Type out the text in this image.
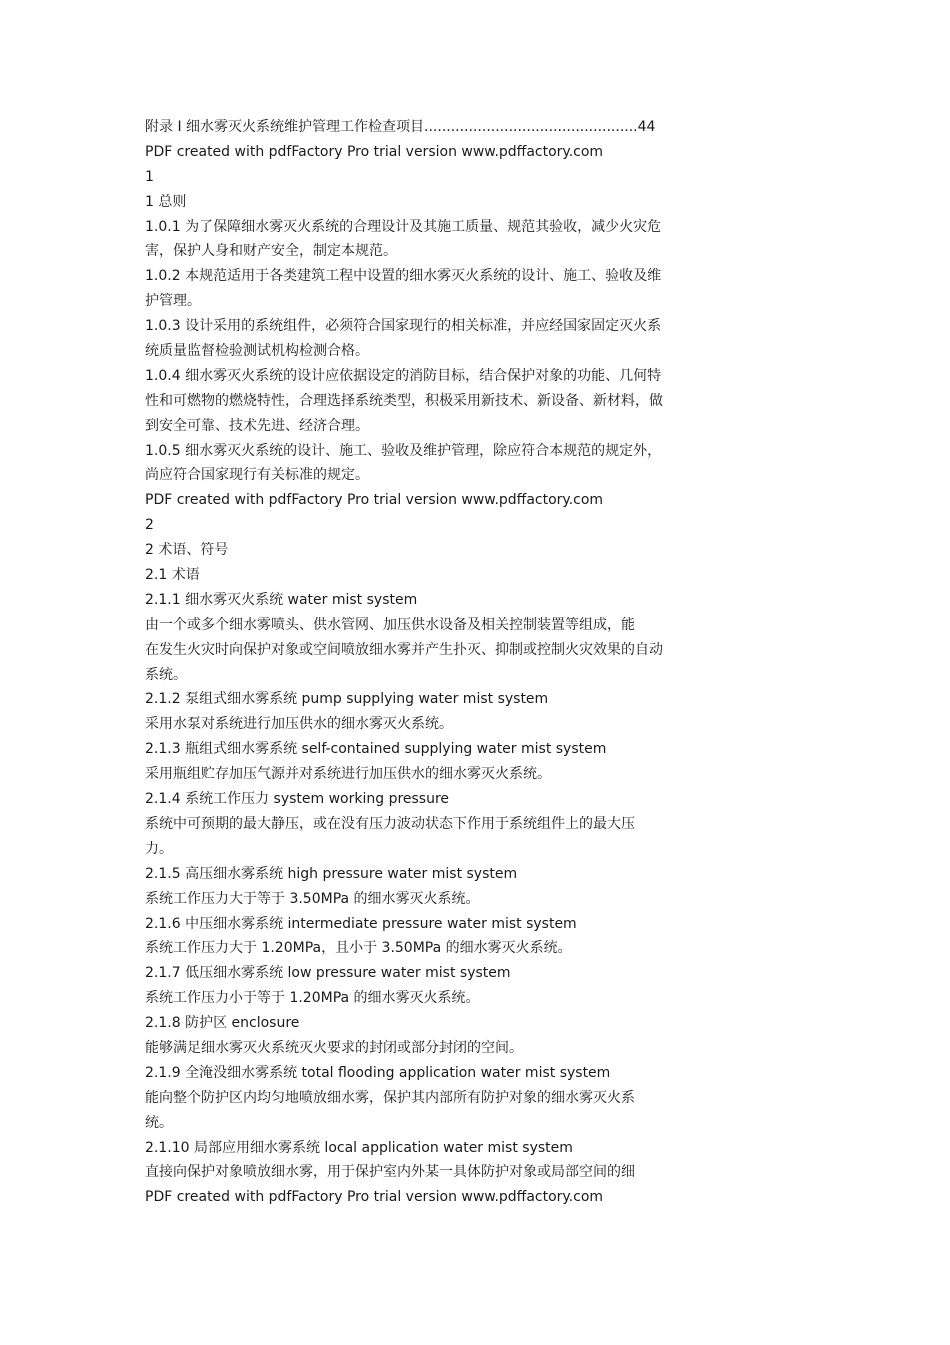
附录 Ⅰ 细水雾灭火系统维护管理工作检查项目................................................44
PDF created with pdfFactory Pro trial version www.pdffactory.com
1
1 总则
1.0.1 为了保障细水雾灭火系统的合理设计及其施工质量、规范其验收，减少火灾危
害，保护人身和财产安全，制定本规范。
1.0.2 本规范适用于各类建筑工程中设置的细水雾灭火系统的设计、施工、验收及维
护管理。
1.0.3 设计采用的系统组件，必须符合国家现行的相关标准，并应经国家固定灭火系
统质量监督检验测试机构检测合格。
1.0.4 细水雾灭火系统的设计应依据设定的消防目标，结合保护对象的功能、几何特
性和可燃物的燃烧特性，合理选择系统类型，积极采用新技术、新设备、新材料，做
到安全可靠、技术先进、经济合理。
1.0.5 细水雾灭火系统的设计、施工、验收及维护管理，除应符合本规范的规定外，
尚应符合国家现行有关标准的规定。
PDF created with pdfFactory Pro trial version www.pdffactory.com
2
2 术语、符号
2.1 术语
2.1.1 细水雾灭火系统 water mist system
由一个或多个细水雾喷头、供水管网、加压供水设备及相关控制装置等组成，能
在发生火灾时向保护对象或空间喷放细水雾并产生扑灭、抑制或控制火灾效果的自动
系统。
2.1.2 泵组式细水雾系统 pump supplying water mist system
采用水泵对系统进行加压供水的细水雾灭火系统。
2.1.3 瓶组式细水雾系统 self-contained supplying water mist system
采用瓶组贮存加压气源并对系统进行加压供水的细水雾灭火系统。
2.1.4 系统工作压力 system working pressure
系统中可预期的最大静压，或在没有压力波动状态下作用于系统组件上的最大压
力。
2.1.5 高压细水雾系统 high pressure water mist system
系统工作压力大于等于 3.50MPa 的细水雾灭火系统。
2.1.6 中压细水雾系统 intermediate pressure water mist system
系统工作压力大于 1.20MPa，且小于 3.50MPa 的细水雾灭火系统。
2.1.7 低压细水雾系统 low pressure water mist system
系统工作压力小于等于 1.20MPa 的细水雾灭火系统。
2.1.8 防护区 enclosure
能够满足细水雾灭火系统灭火要求的封闭或部分封闭的空间。
2.1.9 全淹没细水雾系统 total flooding application water mist system
能向整个防护区内均匀地喷放细水雾，保护其内部所有防护对象的细水雾灭火系
统。
2.1.10 局部应用细水雾系统 local application water mist system
直接向保护对象喷放细水雾，用于保护室内外某一具体防护对象或局部空间的细
PDF created with pdfFactory Pro trial version www.pdffactory.com
